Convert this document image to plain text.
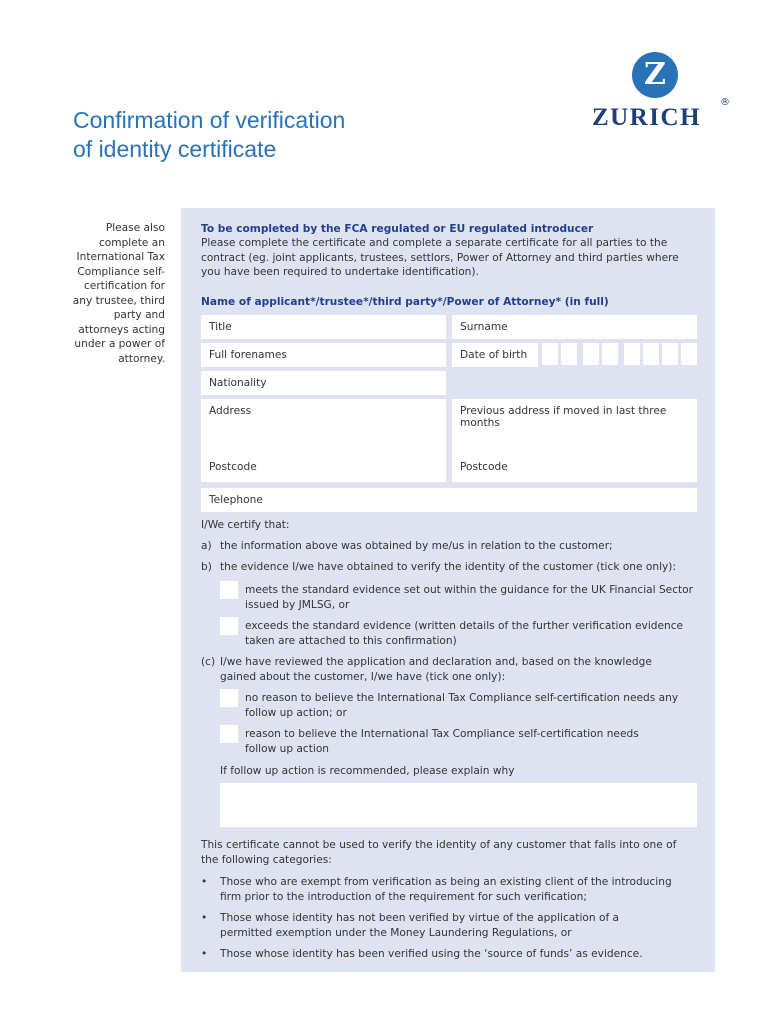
Confirmation of verification
of identity certificate
Z
ZURICH
®
Please also complete an International Tax Compliance self-certification for any trustee, third party and attorneys acting under a power of attorney.
To be completed by the FCA regulated or EU regulated introducer
Please complete the certificate and complete a separate certificate for all parties to the contract (eg. joint applicants, trustees, settlors, Power of Attorney and third parties where you have been required to undertake identification).
Name of applicant*/trustee*/third party*/Power of Attorney* (in full)
Title	Surname
Full forenames	Date of birth
Nationality
Address
Postcode
Previous address if moved in last three months
Postcode
Telephone
I/We certify that:
a) the information above was obtained by me/us in relation to the customer;
b) the evidence I/we have obtained to verify the identity of the customer (tick one only):
meets the standard evidence set out within the guidance for the UK Financial Sector issued by JMLSG, or
exceeds the standard evidence (written details of the further verification evidence taken are attached to this confirmation)
(c) I/we have reviewed the application and declaration and, based on the knowledge gained about the customer, I/we have (tick one only):
no reason to believe the International Tax Compliance self-certification needs any follow up action; or
reason to believe the International Tax Compliance self-certification needs follow up action
If follow up action is recommended, please explain why
This certificate cannot be used to verify the identity of any customer that falls into one of the following categories:
• Those who are exempt from verification as being an existing client of the introducing firm prior to the introduction of the requirement for such verification;
• Those whose identity has not been verified by virtue of the application of a permitted exemption under the Money Laundering Regulations, or
• Those whose identity has been verified using the ‘source of funds’ as evidence.
